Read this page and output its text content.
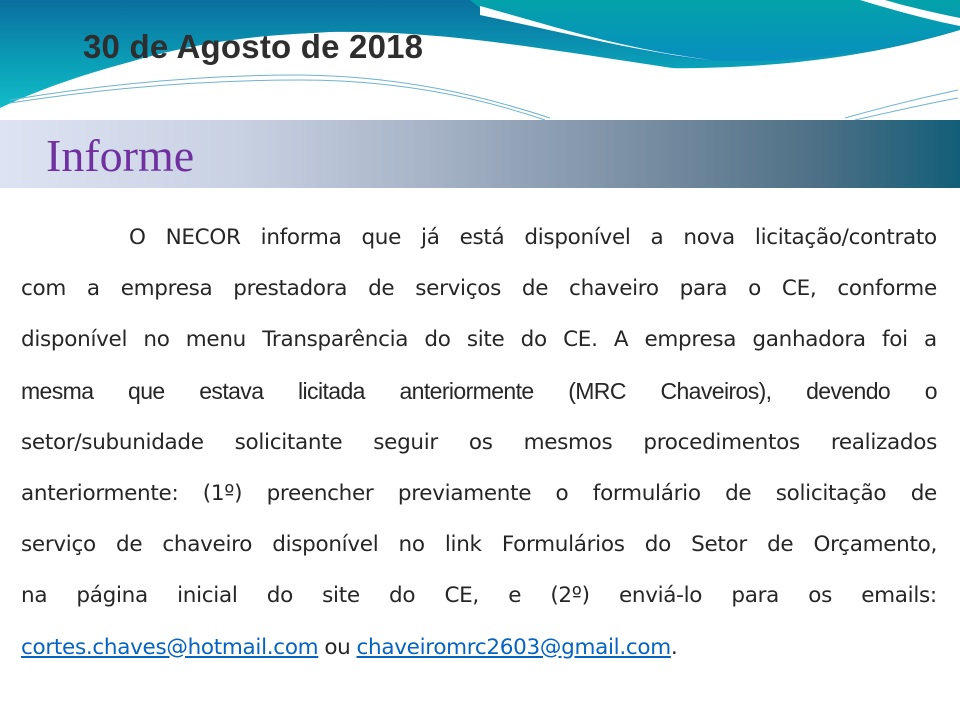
30 de Agosto de 2018
Informe
O NECOR informa que já está disponível a nova licitação/contrato
com a empresa prestadora de serviços de chaveiro para o CE, conforme
disponível no menu Transparência do site do CE. A empresa ganhadora foi a
mesma que estava licitada anteriormente (MRC Chaveiros), devendo o
setor/subunidade solicitante seguir os mesmos procedimentos realizados
anteriormente: (1º) preencher previamente o formulário de solicitação de
serviço de chaveiro disponível no link Formulários do Setor de Orçamento,
na página inicial do site do CE, e (2º) enviá-lo para os emails:
cortes.chaves@hotmail.com ou chaveiromrc2603@gmail.com.
